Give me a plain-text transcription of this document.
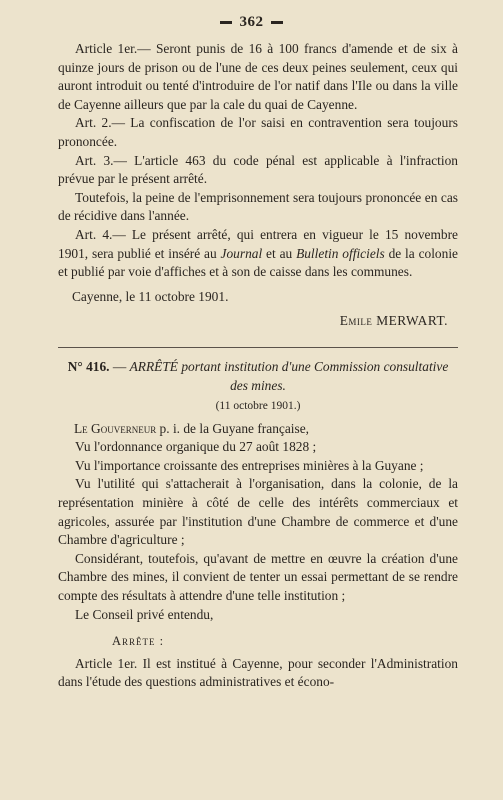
362

Article 1er.— Seront punis de 16 à 100 francs d'amende et de six à quinze jours de prison ou de l'une de ces deux peines seulement, ceux qui auront introduit ou tenté d'introduire de l'or natif dans l'Ile ou dans la ville de Cayenne ailleurs que par la cale du quai de Cayenne.

Art. 2.— La confiscation de l'or saisi en contravention sera toujours prononcée.

Art. 3.— L'article 463 du code pénal est applicable à l'infraction prévue par le présent arrêté.

Toutefois, la peine de l'emprisonnement sera toujours prononcée en cas de récidive dans l'année.

Art. 4.— Le présent arrêté, qui entrera en vigueur le 15 novembre 1901, sera publié et inséré au Journal et au Bulletin officiels de la colonie et publié par voie d'affiches et à son de caisse dans les communes.

Cayenne, le 11 octobre 1901.

Emile MERWART.

N° 416. — ARRÊTÉ portant institution d'une Commission consultative des mines.

(11 octobre 1901.)

Le Gouverneur p. i. de la Guyane française,

Vu l'ordonnance organique du 27 août 1828 ;

Vu l'importance croissante des entreprises minières à la Guyane ;

Vu l'utilité qui s'attacherait à l'organisation, dans la colonie, de la représentation minière à côté de celle des intérêts commerciaux et agricoles, assurée par l'institution d'une Chambre de commerce et d'une Chambre d'agriculture ;

Considérant, toutefois, qu'avant de mettre en œuvre la création d'une Chambre des mines, il convient de tenter un essai permettant de se rendre compte des résultats à attendre d'une telle institution ;

Le Conseil privé entendu,

Arrête :

Article 1er. Il est institué à Cayenne, pour seconder l'Administration dans l'étude des questions administratives et écono-
